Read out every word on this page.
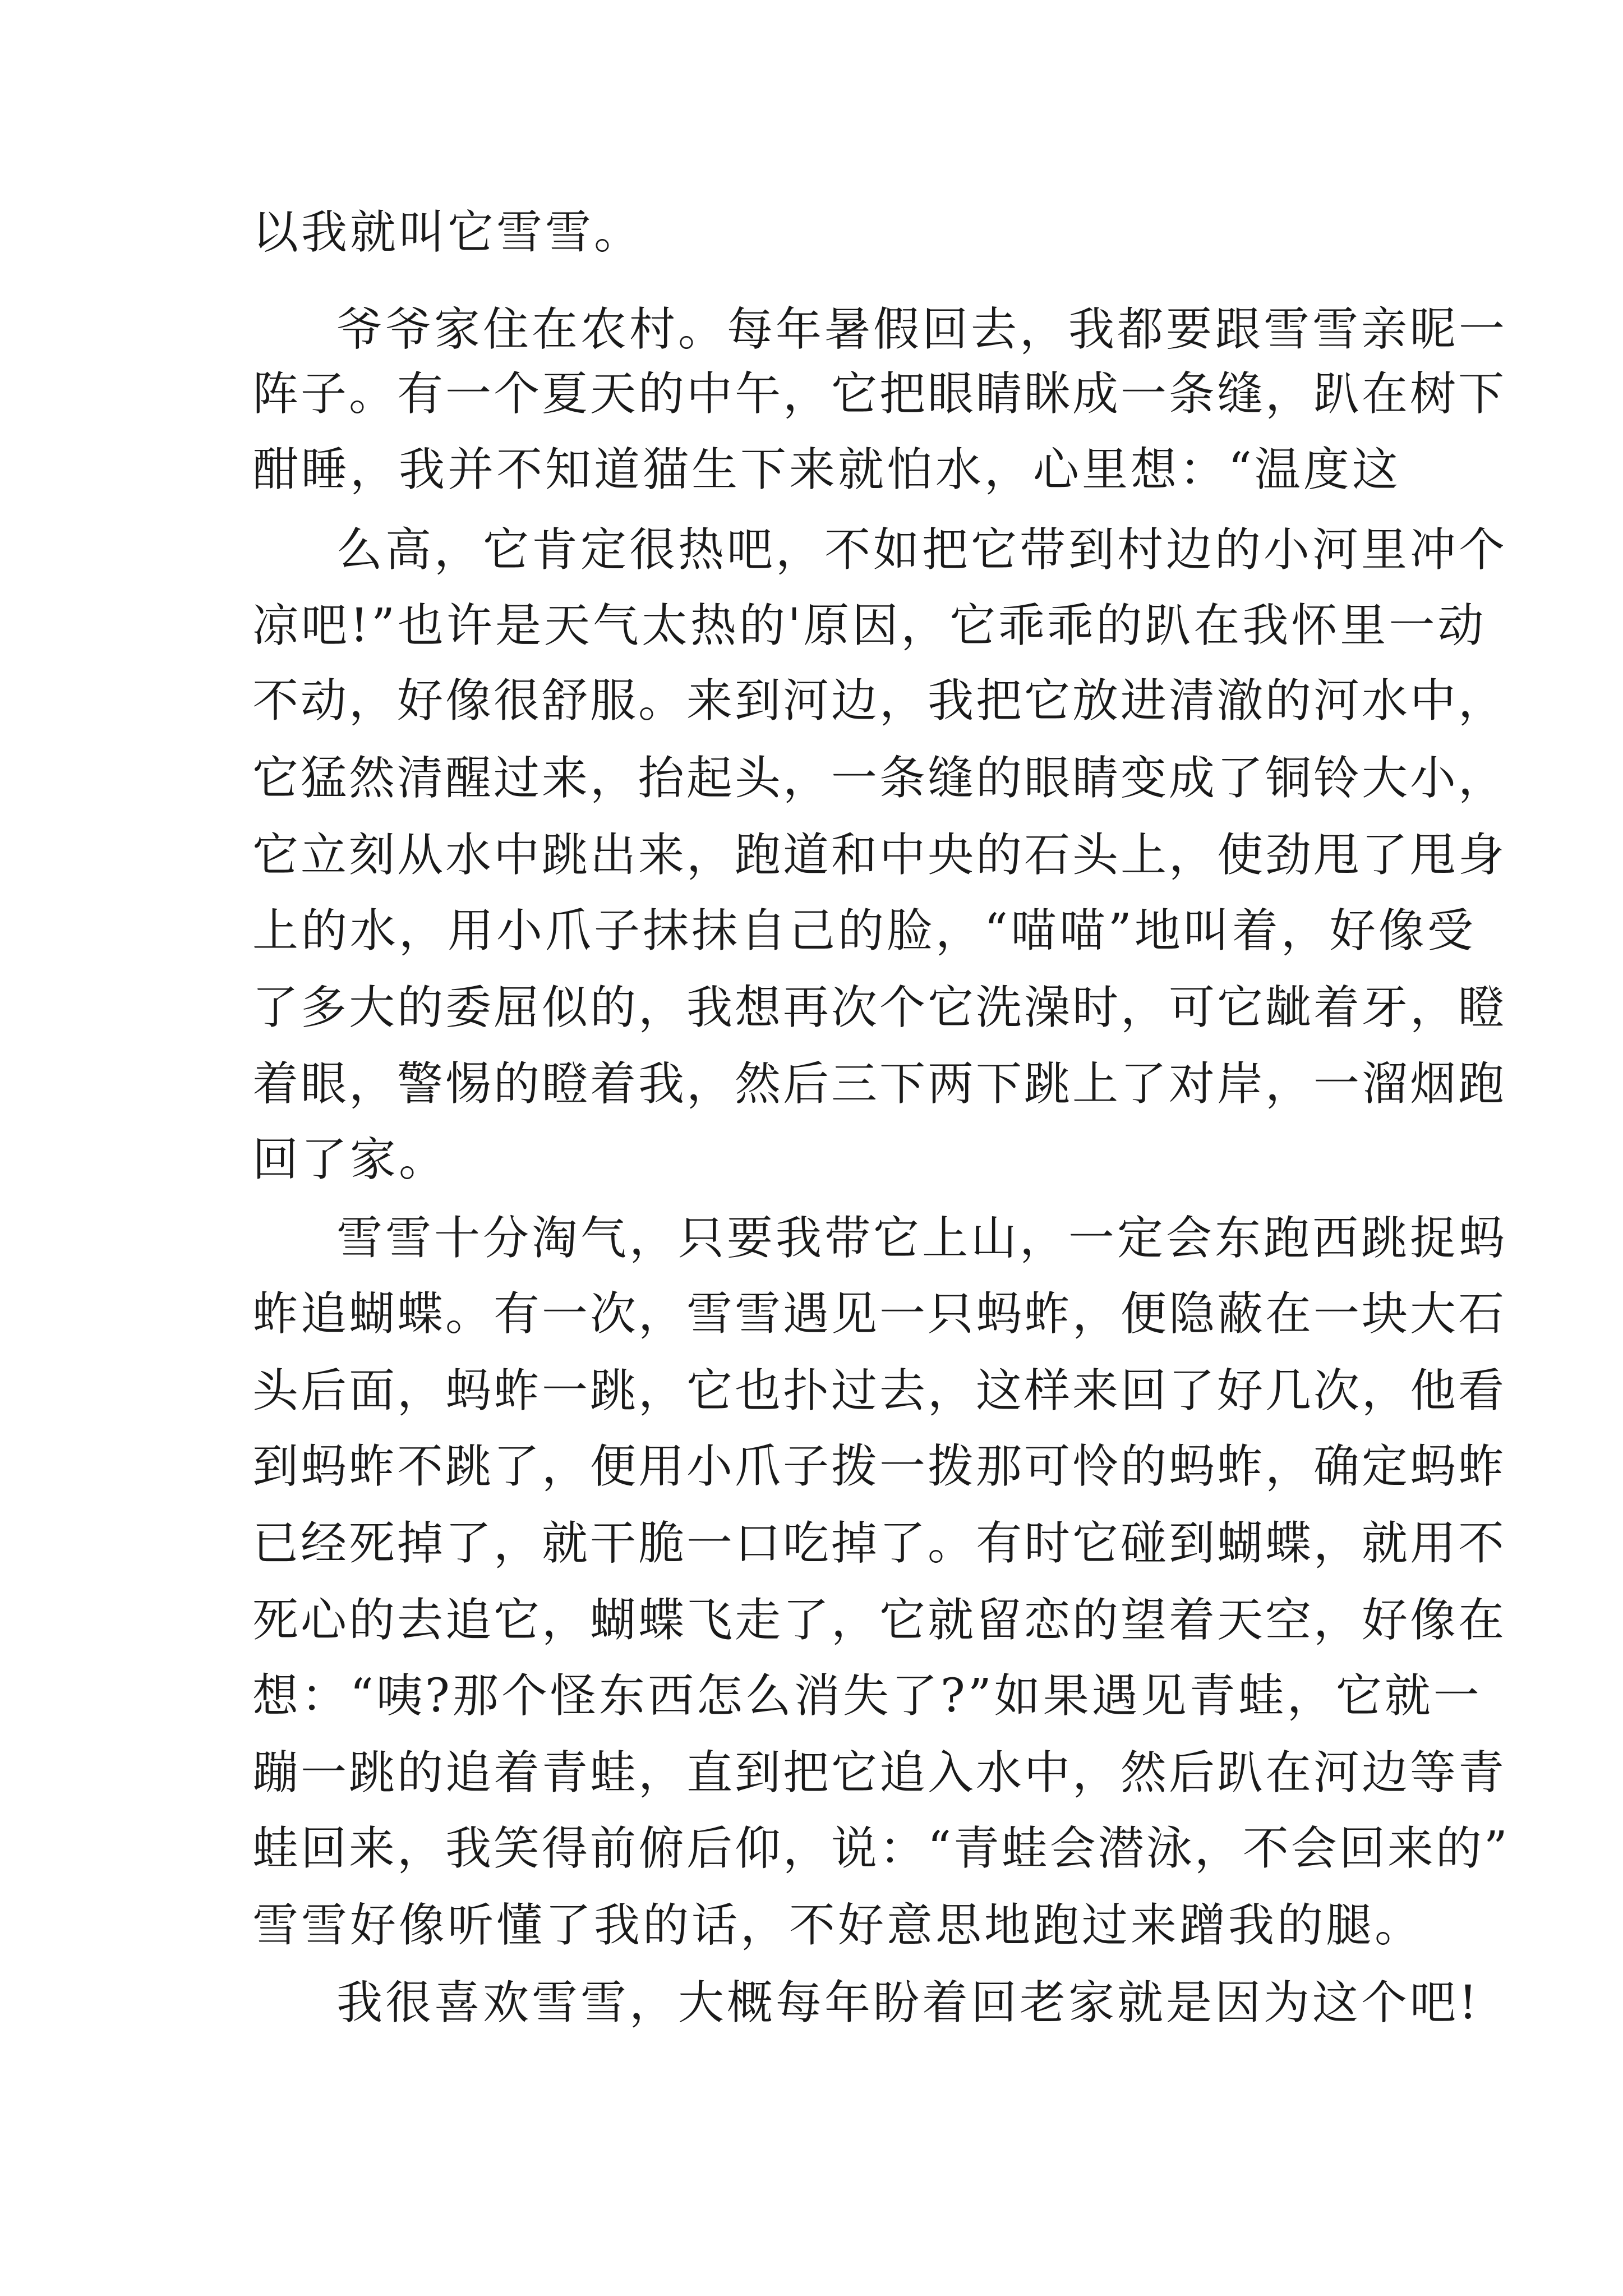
以我就叫它雪雪。

爷爷家住在农村。每年暑假回去，我都要跟雪雪亲昵一

阵子。有一个夏天的中午，它把眼睛眯成一条缝，趴在树下

酣睡，我并不知道猫生下来就怕水，心里想：“温度这

么高，它肯定很热吧，不如把它带到村边的小河里冲个

凉吧!”也许是天气太热的'原因，它乖乖的趴在我怀里一动

不动，好像很舒服。来到河边，我把它放进清澈的河水中，

它猛然清醒过来，抬起头，一条缝的眼睛变成了铜铃大小，

它立刻从水中跳出来，跑道和中央的石头上，使劲甩了甩身

上的水，用小爪子抹抹自己的脸，“喵喵”地叫着，好像受

了多大的委屈似的，我想再次个它洗澡时，可它龇着牙，瞪

着眼，警惕的瞪着我，然后三下两下跳上了对岸，一溜烟跑

回了家。

雪雪十分淘气，只要我带它上山，一定会东跑西跳捉蚂

蚱追蝴蝶。有一次，雪雪遇见一只蚂蚱，便隐蔽在一块大石

头后面，蚂蚱一跳，它也扑过去，这样来回了好几次，他看

到蚂蚱不跳了，便用小爪子拨一拨那可怜的蚂蚱，确定蚂蚱

已经死掉了，就干脆一口吃掉了。有时它碰到蝴蝶，就用不

死心的去追它，蝴蝶飞走了，它就留恋的望着天空，好像在

想：“咦?那个怪东西怎么消失了?”如果遇见青蛙，它就一

蹦一跳的追着青蛙，直到把它追入水中，然后趴在河边等青

蛙回来，我笑得前俯后仰，说：“青蛙会潜泳，不会回来的”

雪雪好像听懂了我的话，不好意思地跑过来蹭我的腿。

我很喜欢雪雪，大概每年盼着回老家就是因为这个吧!
